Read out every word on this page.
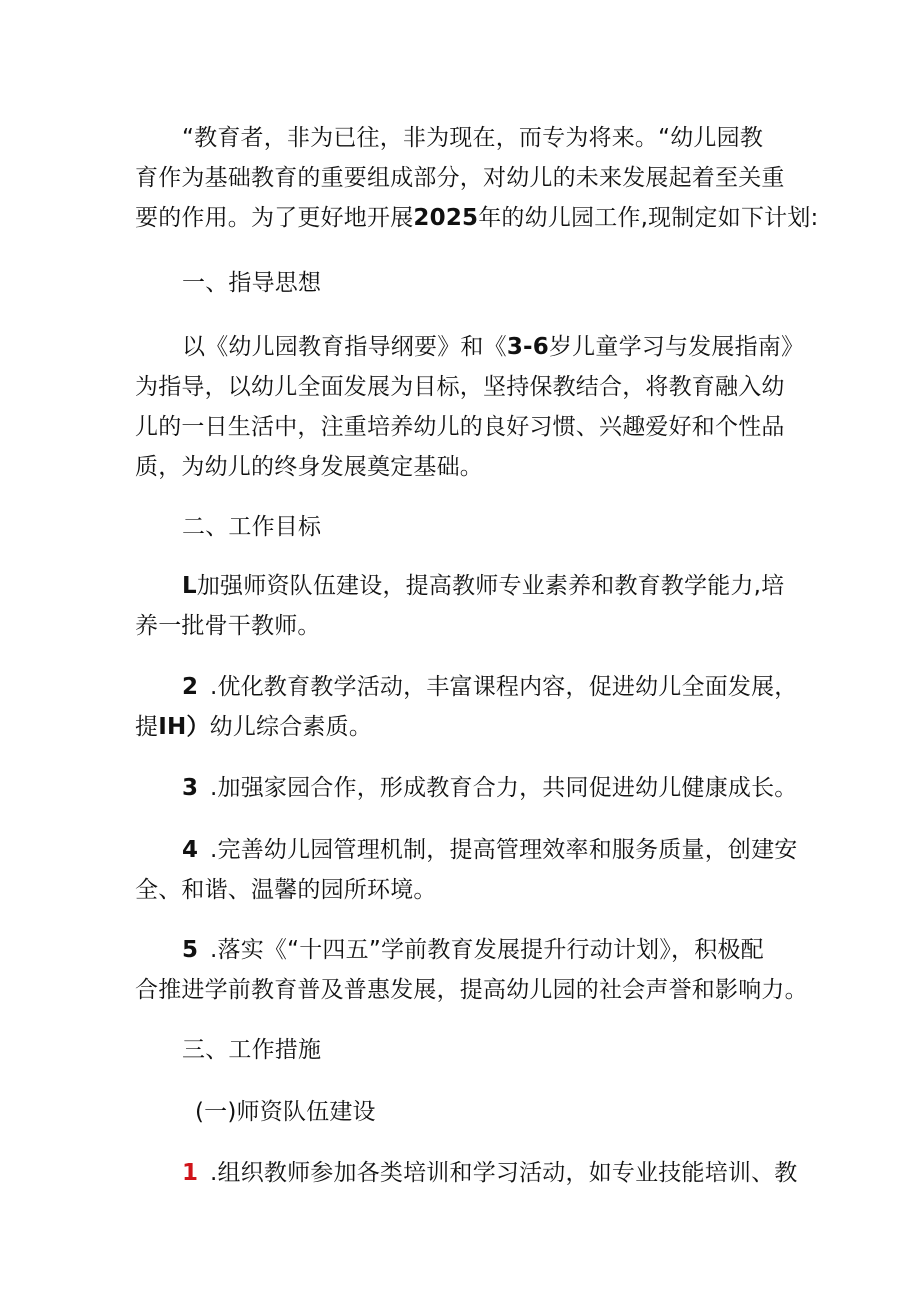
“教育者，非为已往，非为现在，而专为将来。“幼儿园教
育作为基础教育的重要组成部分，对幼儿的未来发展起着至关重
要的作用。为了更好地开展2025年的幼儿园工作,现制定如下计划:
一、指导思想
以《幼儿园教育指导纲要》和《3-6岁儿童学习与发展指南》
为指导，以幼儿全面发展为目标，坚持保教结合，将教育融入幼
儿的一日生活中，注重培养幼儿的良好习惯、兴趣爱好和个性品
质，为幼儿的终身发展奠定基础。
二、工作目标
L加强师资队伍建设，提高教师专业素养和教育教学能力,培
养一批骨干教师。
2 .优化教育教学活动，丰富课程内容，促进幼儿全面发展，
提IH）幼儿综合素质。
3 .加强家园合作，形成教育合力，共同促进幼儿健康成长。
4 .完善幼儿园管理机制，提高管理效率和服务质量，创建安
全、和谐、温馨的园所环境。
5 .落实《“十四五”学前教育发展提升行动计划》，积极配
合推进学前教育普及普惠发展，提高幼儿园的社会声誉和影响力。
三、工作措施
(一)师资队伍建设
1 .组织教师参加各类培训和学习活动，如专业技能培训、教
